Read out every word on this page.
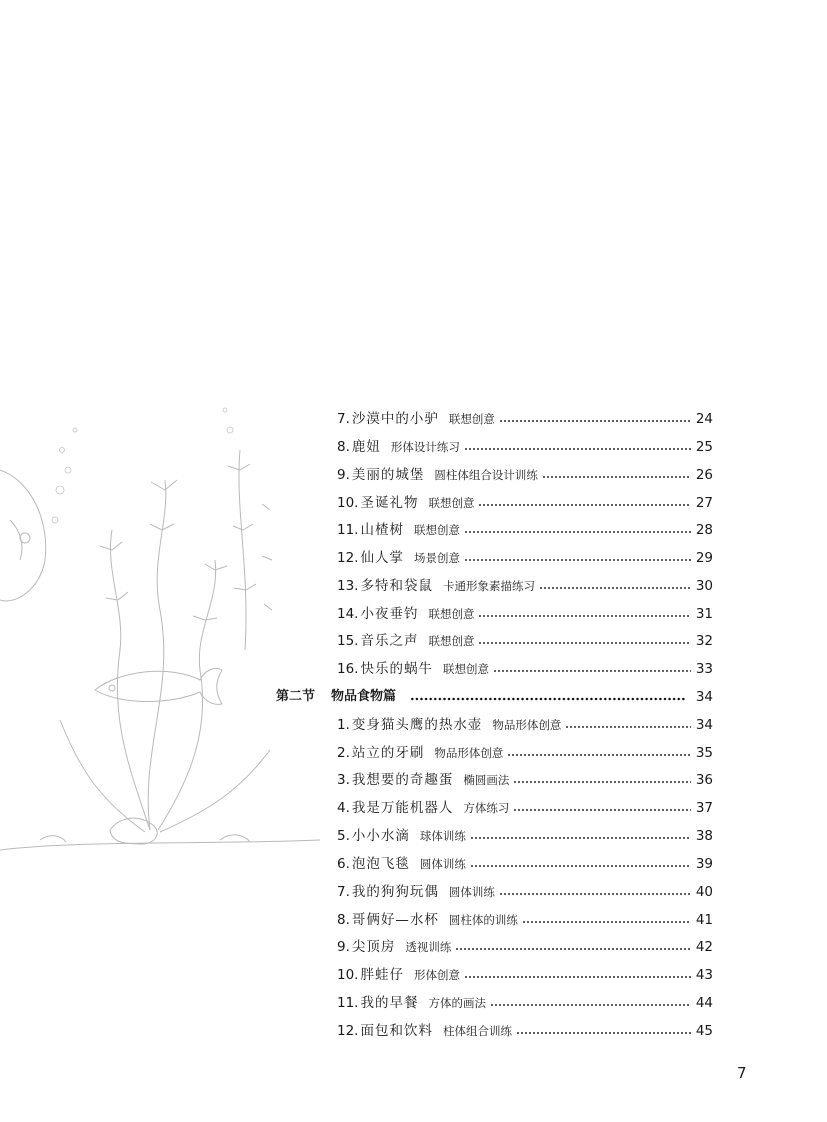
7. 沙漠中的小驴 联想创意	24
8. 鹿妞 形体设计练习	25
9. 美丽的城堡 圆柱体组合设计训练	26
10. 圣诞礼物 联想创意	27
11. 山楂树 联想创意	28
12. 仙人掌 场景创意	29
13. 多特和袋鼠 卡通形象素描练习	30
14. 小夜垂钓 联想创意	31
15. 音乐之声 联想创意	32
16. 快乐的蜗牛 联想创意	33
第二节 物品食物篇	34
1. 变身猫头鹰的热水壶 物品形体创意	34
2. 站立的牙刷 物品形体创意	35
3. 我想要的奇趣蛋 椭圆画法	36
4. 我是万能机器人 方体练习	37
5. 小小水滴 球体训练	38
6. 泡泡飞毯 圆体训练	39
7. 我的狗狗玩偶 圆体训练	40
8. 哥俩好—水杯 圆柱体的训练	41
9. 尖顶房 透视训练	42
10. 胖蛙仔 形体创意	43
11. 我的早餐 方体的画法	44
12. 面包和饮料 柱体组合训练	45
7
